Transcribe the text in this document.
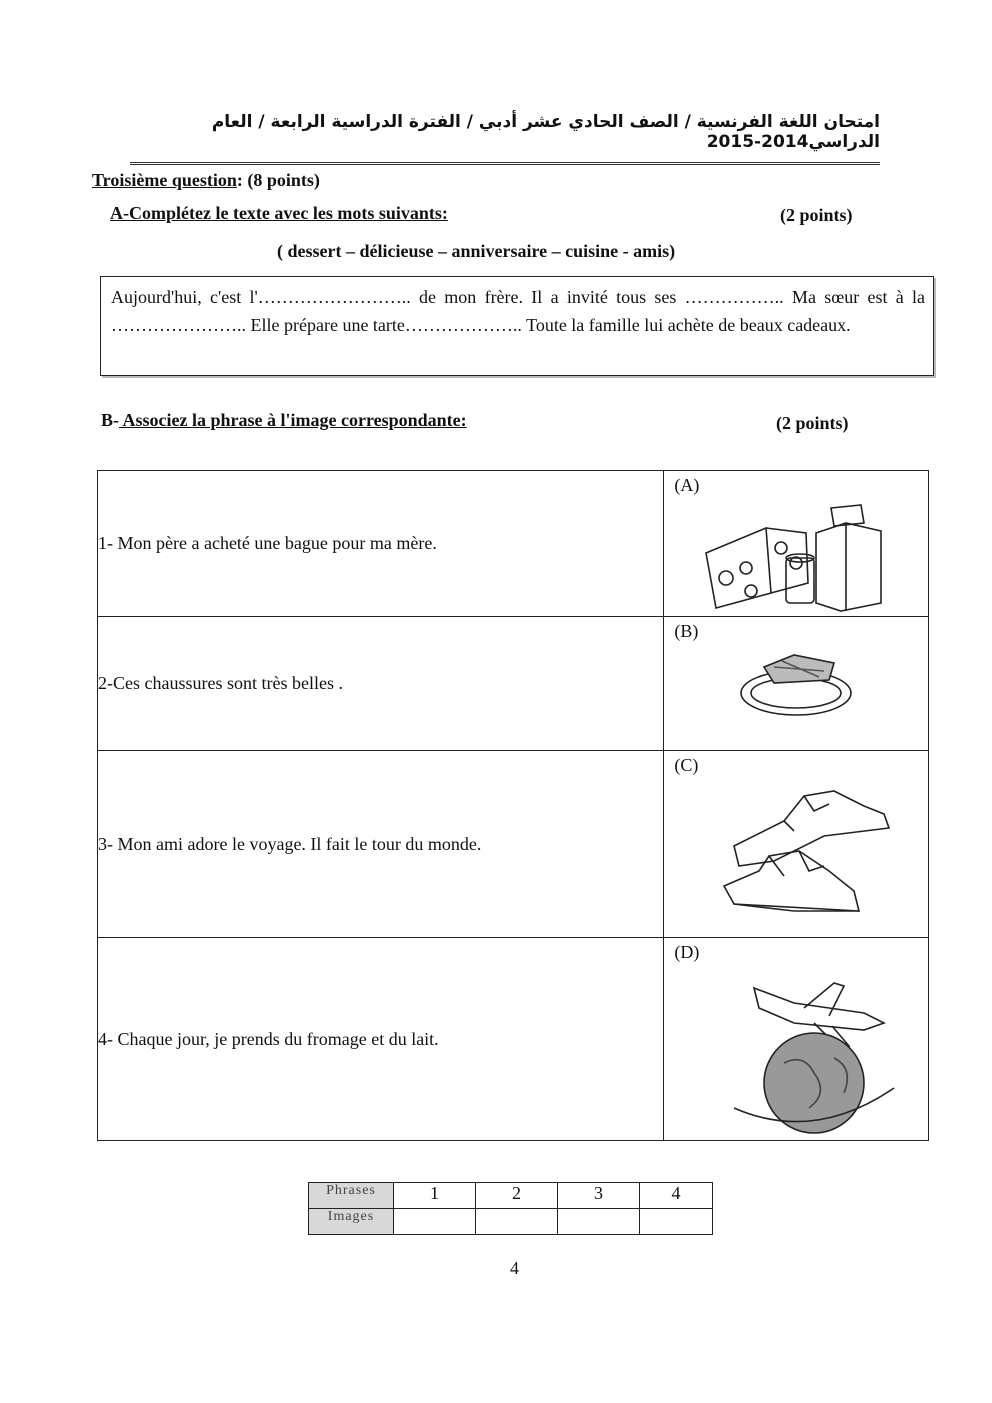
امتحان اللغة الفرنسية / الصف الحادي عشر أدبي / الفترة الدراسية الرابعة / العام الدراسي2014-2015
Troisième question: (8 points)
A-Complétez le texte avec les mots suivants:	(2 points)
( dessert – délicieuse – anniversaire – cuisine - amis)
Aujourd'hui, c'est l'…………………….. de mon frère. Il a invité tous ses …………….. Ma sœur est à la ………………….. Elle prépare une tarte……………….. Toute la famille lui achète de beaux cadeaux.
B- Associez la phrase à l'image correspondante:	(2 points)
1- Mon père a acheté une bague pour ma mère.	(A)

2-Ces chaussures sont très belles .	(B)

3- Mon ami adore le voyage. Il fait le tour du monde.	(C)

4- Chaque jour, je prends du fromage et du lait.	(D)
Phrases	1	2	3	4
Images				
4
